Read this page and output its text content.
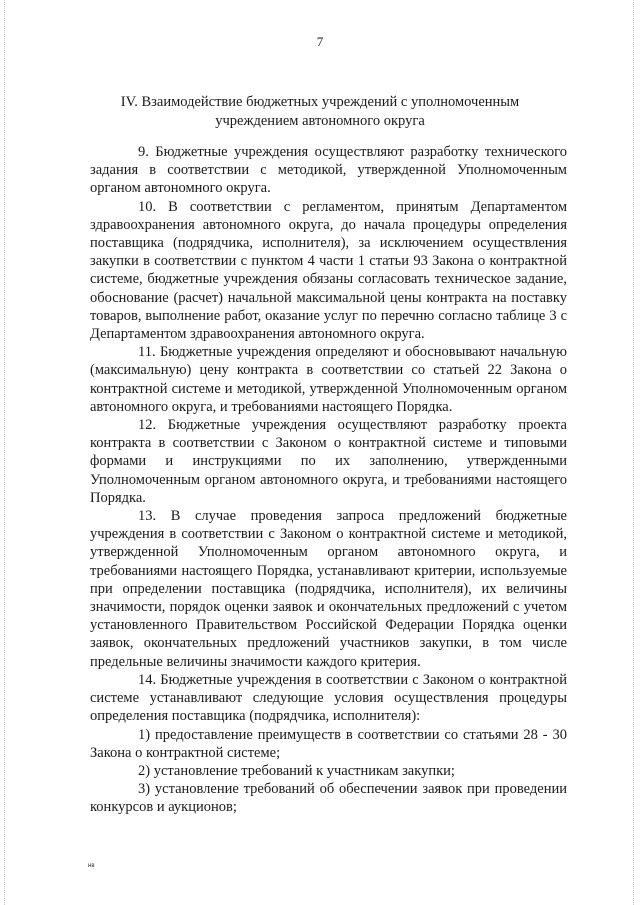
7
IV. Взаимодействие бюджетных учреждений с уполномоченным
учреждением автономного округа

9. Бюджетные учреждения осуществляют разработку технического задания в соответствии с методикой, утвержденной Уполномоченным органом автономного округа.

10. В соответствии с регламентом, принятым Департаментом здравоохранения автономного округа, до начала процедуры определения поставщика (подрядчика, исполнителя), за исключением осуществления закупки в соответствии с пунктом 4 части 1 статьи 93 Закона о контрактной системе, бюджетные учреждения обязаны согласовать техническое задание, обоснование (расчет) начальной максимальной цены контракта на поставку товаров, выполнение работ, оказание услуг по перечню согласно таблице 3 с Департаментом здравоохранения автономного округа.

11. Бюджетные учреждения определяют и обосновывают начальную (максимальную) цену контракта в соответствии со статьей 22 Закона о контрактной системе и методикой, утвержденной Уполномоченным органом автономного округа, и требованиями настоящего Порядка.

12. Бюджетные учреждения осуществляют разработку проекта контракта в соответствии с Законом о контрактной системе и типовыми формами и инструкциями по их заполнению, утвержденными Уполномоченным органом автономного округа, и требованиями настоящего Порядка.

13. В случае проведения запроса предложений бюджетные учреждения в соответствии с Законом о контрактной системе и методикой, утвержденной Уполномоченным органом автономного округа, и требованиями настоящего Порядка, устанавливают критерии, используемые при определении поставщика (подрядчика, исполнителя), их величины значимости, порядок оценки заявок и окончательных предложений с учетом установленного Правительством Российской Федерации Порядка оценки заявок, окончательных предложений участников закупки, в том числе предельные величины значимости каждого критерия.

14. Бюджетные учреждения в соответствии с Законом о контрактной системе устанавливают следующие условия осуществления процедуры определения поставщика (подрядчика, исполнителя):

1) предоставление преимуществ в соответствии со статьями 28 - 30 Закона о контрактной системе;

2) установление требований к участникам закупки;

3) установление требований об обеспечении заявок при проведении конкурсов и аукционов;

нв
